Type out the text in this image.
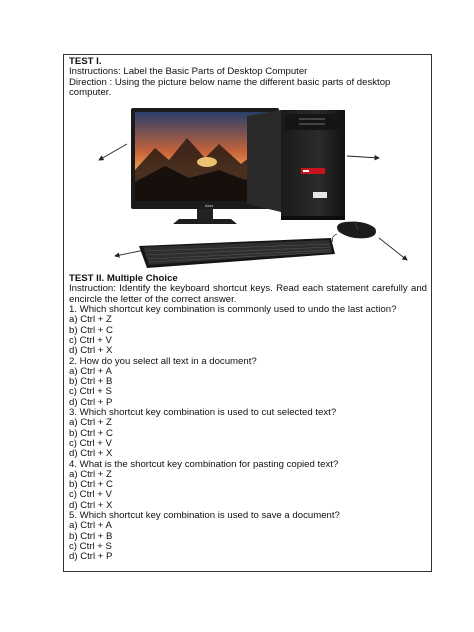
TEST I.
Instructions: Label the Basic Parts of Desktop Computer
Direction : Using the picture below name the different basic parts of desktop
computer.
Acer
TEST II. Multiple Choice
Instruction: Identify the keyboard shortcut keys. Read each statement carefully and encircle the letter of the correct answer.
1. Which shortcut key combination is commonly used to undo the last action?
a) Ctrl + Z
b) Ctrl + C
c) Ctrl + V
d) Ctrl + X
2. How do you select all text in a document?
a) Ctrl + A
b) Ctrl + B
c) Ctrl + S
d) Ctrl + P
3. Which shortcut key combination is used to cut selected text?
a) Ctrl + Z
b) Ctrl + C
c) Ctrl + V
d) Ctrl + X
4. What is the shortcut key combination for pasting copied text?
a) Ctrl + Z
b) Ctrl + C
c) Ctrl + V
d) Ctrl + X
5. Which shortcut key combination is used to save a document?
a) Ctrl + A
b) Ctrl + B
c) Ctrl + S
d) Ctrl + P
